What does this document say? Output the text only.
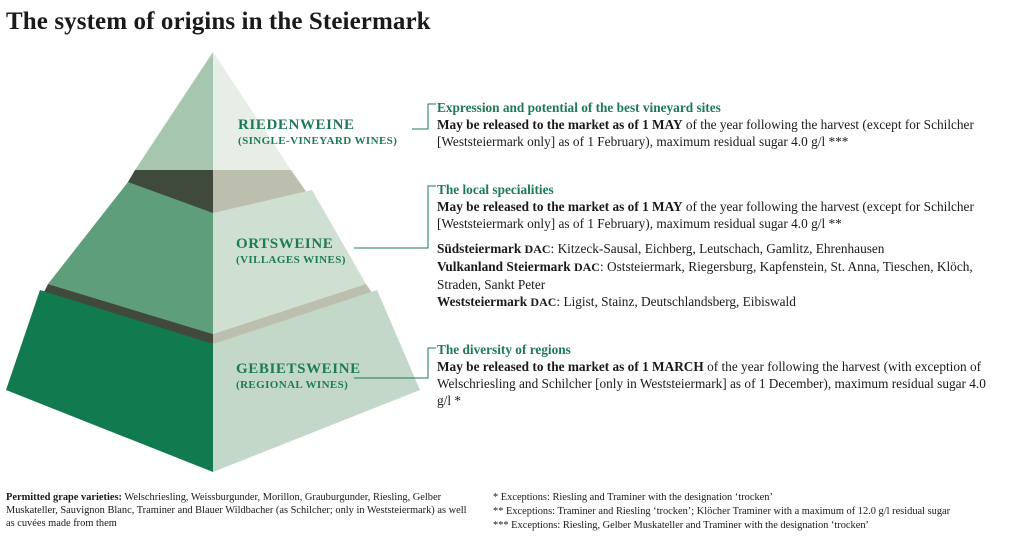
The system of origins in the Steiermark
RIEDENWEINE
(SINGLE-VINEYARD WINES)
ORTSWEINE
(VILLAGES WINES)
GEBIETSWEINE
(REGIONAL WINES)

Expression and potential of the best vineyard sites

May be released to the market as of 1 MAY of the year following the harvest (except for Schilcher [Weststeiermark only] as of 1 February), maximum residual sugar 4.0 g/l ***

The local specialities

May be released to the market as of 1 MAY of the year following the harvest (except for Schilcher [Weststeiermark only] as of 1 February), maximum residual sugar 4.0 g/l **

Südsteiermark DAC: Kitzeck-Sausal, Eichberg, Leutschach, Gamlitz, Ehrenhausen

Vulkanland Steiermark DAC: Oststeiermark, Riegersburg, Kapfenstein, St. Anna, Tieschen, Klöch, Straden, Sankt Peter

Weststeiermark DAC: Ligist, Stainz, Deutschlandsberg, Eibiswald

The diversity of regions

May be released to the market as of 1 MARCH of the year following the harvest (with exception of Welschriesling and Schilcher [only in Weststeiermark] as of 1 December), maximum residual sugar 4.0 g/l *

Permitted grape varieties: Welschriesling, Weissburgunder, Morillon, Grauburgunder, Riesling, Gelber Muskateller, Sauvignon Blanc, Traminer and Blauer Wildbacher (as Schilcher; only in Weststeiermark) as well as cuvées made from them

* Exceptions: Riesling and Traminer with the designation ‘trocken’

** Exceptions: Traminer and Riesling ‘trocken’; Klöcher Traminer with a maximum of 12.0 g/l residual sugar

*** Exceptions: Riesling, Gelber Muskateller and Traminer with the designation ‘trocken’
